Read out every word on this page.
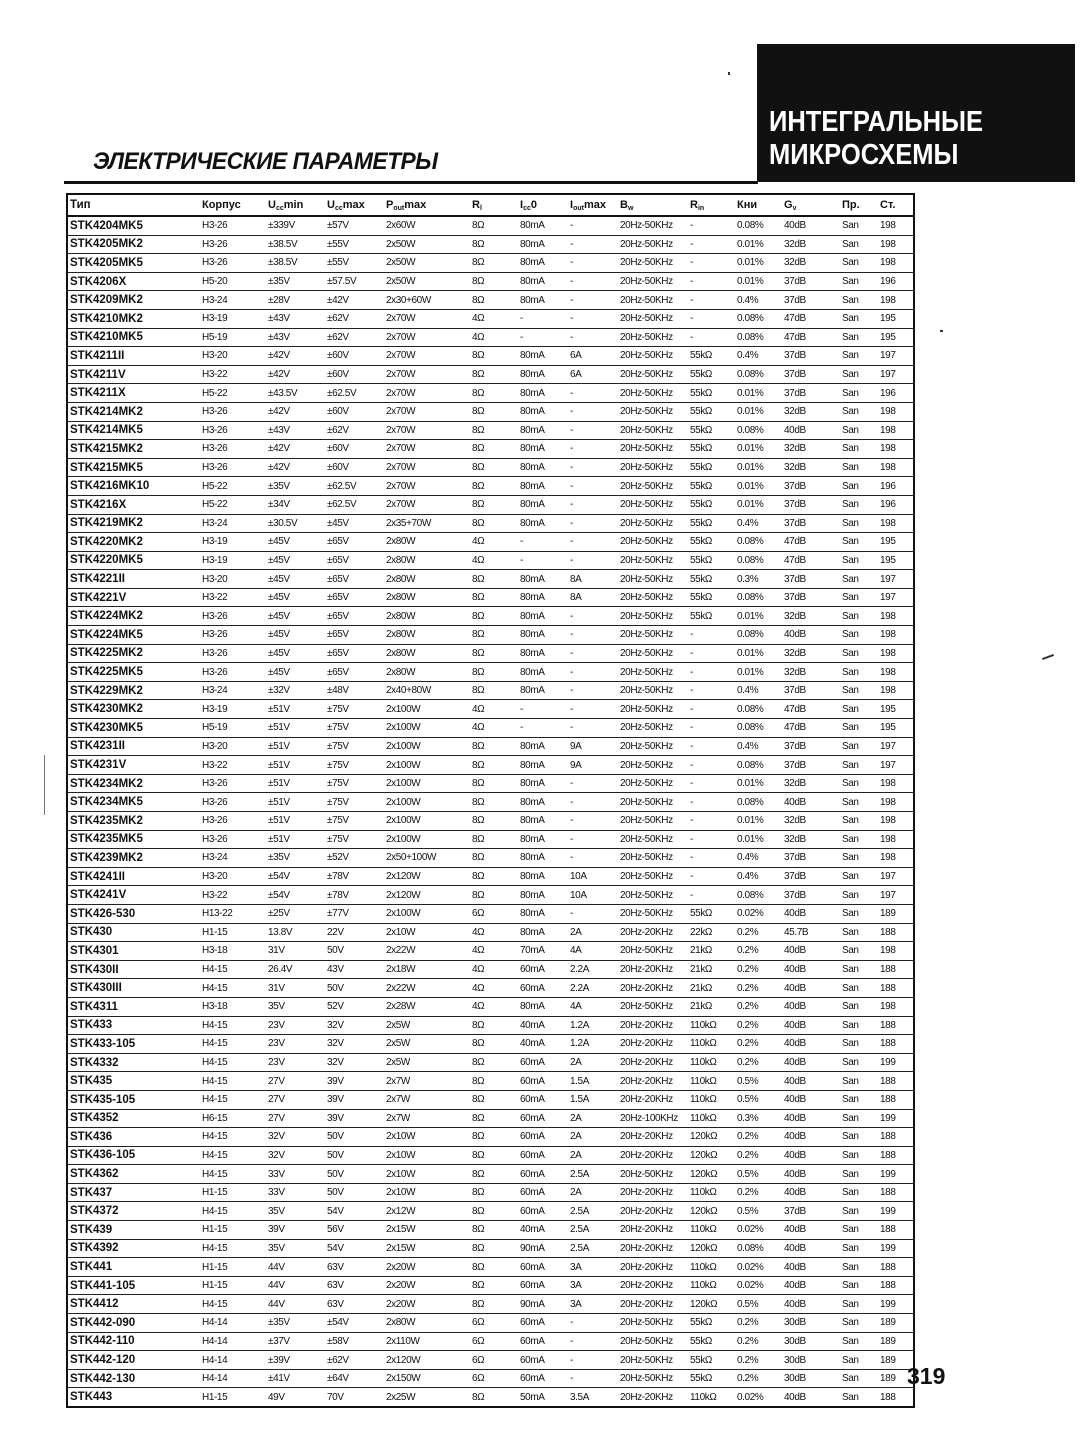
ИНТЕГРАЛЬНЫЕ
МИКРОСХЕМЫ
ЭЛЕКТРИЧЕСКИЕ ПАРАМЕТРЫ
Тип	Корпус	$U_{cc}\min$	$U_{cc}\max$	$P_{out}\max$	$R_l$	$I_{cc}0$	$I_{out}\max$	$B_w$	$R_{in}$	Кни	$G_v$	Пр.	Ст.
STK4204MK5	H3-26	±339V	±57V	2x60W	8Ω	80mA	-	20Hz-50KHz	-	0.08%	40dB	San	198
STK4205MK2	H3-26	±38.5V	±55V	2x50W	8Ω	80mA	-	20Hz-50KHz	-	0.01%	32dB	San	198
STK4205MK5	H3-26	±38.5V	±55V	2x50W	8Ω	80mA	-	20Hz-50KHz	-	0.01%	32dB	San	198
STK4206X	H5-20	±35V	±57.5V	2x50W	8Ω	80mA	-	20Hz-50KHz	-	0.01%	37dB	San	196
STK4209MK2	H3-24	±28V	±42V	2x30+60W	8Ω	80mA	-	20Hz-50KHz	-	0.4%	37dB	San	198
STK4210MK2	H3-19	±43V	±62V	2x70W	4Ω	-	-	20Hz-50KHz	-	0.08%	47dB	San	195
STK4210MK5	H5-19	±43V	±62V	2x70W	4Ω	-	-	20Hz-50KHz	-	0.08%	47dB	San	195
STK4211II	H3-20	±42V	±60V	2x70W	8Ω	80mA	6A	20Hz-50KHz	55kΩ	0.4%	37dB	San	197
STK4211V	H3-22	±42V	±60V	2x70W	8Ω	80mA	6A	20Hz-50KHz	55kΩ	0.08%	37dB	San	197
STK4211X	H5-22	±43.5V	±62.5V	2x70W	8Ω	80mA	-	20Hz-50KHz	55kΩ	0.01%	37dB	San	196
STK4214MK2	H3-26	±42V	±60V	2x70W	8Ω	80mA	-	20Hz-50KHz	55kΩ	0.01%	32dB	San	198
STK4214MK5	H3-26	±43V	±62V	2x70W	8Ω	80mA	-	20Hz-50KHz	55kΩ	0.08%	40dB	San	198
STK4215MK2	H3-26	±42V	±60V	2x70W	8Ω	80mA	-	20Hz-50KHz	55kΩ	0.01%	32dB	San	198
STK4215MK5	H3-26	±42V	±60V	2x70W	8Ω	80mA	-	20Hz-50KHz	55kΩ	0.01%	32dB	San	198
STK4216MK10	H5-22	±35V	±62.5V	2x70W	8Ω	80mA	-	20Hz-50KHz	55kΩ	0.01%	37dB	San	196
STK4216X	H5-22	±34V	±62.5V	2x70W	8Ω	80mA	-	20Hz-50KHz	55kΩ	0.01%	37dB	San	196
STK4219MK2	H3-24	±30.5V	±45V	2x35+70W	8Ω	80mA	-	20Hz-50KHz	55kΩ	0.4%	37dB	San	198
STK4220MK2	H3-19	±45V	±65V	2x80W	4Ω	-	-	20Hz-50KHz	55kΩ	0.08%	47dB	San	195
STK4220MK5	H3-19	±45V	±65V	2x80W	4Ω	-	-	20Hz-50KHz	55kΩ	0.08%	47dB	San	195
STK4221II	H3-20	±45V	±65V	2x80W	8Ω	80mA	8A	20Hz-50KHz	55kΩ	0.3%	37dB	San	197
STK4221V	H3-22	±45V	±65V	2x80W	8Ω	80mA	8A	20Hz-50KHz	55kΩ	0.08%	37dB	San	197
STK4224MK2	H3-26	±45V	±65V	2x80W	8Ω	80mA	-	20Hz-50KHz	55kΩ	0.01%	32dB	San	198
STK4224MK5	H3-26	±45V	±65V	2x80W	8Ω	80mA	-	20Hz-50KHz	-	0.08%	40dB	San	198
STK4225MK2	H3-26	±45V	±65V	2x80W	8Ω	80mA	-	20Hz-50KHz	-	0.01%	32dB	San	198
STK4225MK5	H3-26	±45V	±65V	2x80W	8Ω	80mA	-	20Hz-50KHz	-	0.01%	32dB	San	198
STK4229MK2	H3-24	±32V	±48V	2x40+80W	8Ω	80mA	-	20Hz-50KHz	-	0.4%	37dB	San	198
STK4230MK2	H3-19	±51V	±75V	2x100W	4Ω	-	-	20Hz-50KHz	-	0.08%	47dB	San	195
STK4230MK5	H5-19	±51V	±75V	2x100W	4Ω	-	-	20Hz-50KHz	-	0.08%	47dB	San	195
STK4231II	H3-20	±51V	±75V	2x100W	8Ω	80mA	9A	20Hz-50KHz	-	0.4%	37dB	San	197
STK4231V	H3-22	±51V	±75V	2x100W	8Ω	80mA	9A	20Hz-50KHz	-	0.08%	37dB	San	197
STK4234MK2	H3-26	±51V	±75V	2x100W	8Ω	80mA	-	20Hz-50KHz	-	0.01%	32dB	San	198
STK4234MK5	H3-26	±51V	±75V	2x100W	8Ω	80mA	-	20Hz-50KHz	-	0.08%	40dB	San	198
STK4235MK2	H3-26	±51V	±75V	2x100W	8Ω	80mA	-	20Hz-50KHz	-	0.01%	32dB	San	198
STK4235MK5	H3-26	±51V	±75V	2x100W	8Ω	80mA	-	20Hz-50KHz	-	0.01%	32dB	San	198
STK4239MK2	H3-24	±35V	±52V	2x50+100W	8Ω	80mA	-	20Hz-50KHz	-	0.4%	37dB	San	198
STK4241II	H3-20	±54V	±78V	2x120W	8Ω	80mA	10A	20Hz-50KHz	-	0.4%	37dB	San	197
STK4241V	H3-22	±54V	±78V	2x120W	8Ω	80mA	10A	20Hz-50KHz	-	0.08%	37dB	San	197
STK426-530	H13-22	±25V	±77V	2x100W	6Ω	80mA	-	20Hz-50KHz	55kΩ	0.02%	40dB	San	189
STK430	H1-15	13.8V	22V	2x10W	4Ω	80mA	2A	20Hz-20KHz	22kΩ	0.2%	45.7B	San	188
STK4301	H3-18	31V	50V	2x22W	4Ω	70mA	4A	20Hz-50KHz	21kΩ	0.2%	40dB	San	198
STK430II	H4-15	26.4V	43V	2x18W	4Ω	60mA	2.2A	20Hz-20KHz	21kΩ	0.2%	40dB	San	188
STK430III	H4-15	31V	50V	2x22W	4Ω	60mA	2.2A	20Hz-20KHz	21kΩ	0.2%	40dB	San	188
STK4311	H3-18	35V	52V	2x28W	4Ω	80mA	4A	20Hz-50KHz	21kΩ	0.2%	40dB	San	198
STK433	H4-15	23V	32V	2x5W	8Ω	40mA	1.2A	20Hz-20KHz	110kΩ	0.2%	40dB	San	188
STK433-105	H4-15	23V	32V	2x5W	8Ω	40mA	1.2A	20Hz-20KHz	110kΩ	0.2%	40dB	San	188
STK4332	H4-15	23V	32V	2x5W	8Ω	60mA	2A	20Hz-20KHz	110kΩ	0.2%	40dB	San	199
STK435	H4-15	27V	39V	2x7W	8Ω	60mA	1.5A	20Hz-20KHz	110kΩ	0.5%	40dB	San	188
STK435-105	H4-15	27V	39V	2x7W	8Ω	60mA	1.5A	20Hz-20KHz	110kΩ	0.5%	40dB	San	188
STK4352	H6-15	27V	39V	2x7W	8Ω	60mA	2A	20Hz-100KHz	110kΩ	0.3%	40dB	San	199
STK436	H4-15	32V	50V	2x10W	8Ω	60mA	2A	20Hz-20KHz	120kΩ	0.2%	40dB	San	188
STK436-105	H4-15	32V	50V	2x10W	8Ω	60mA	2A	20Hz-20KHz	120kΩ	0.2%	40dB	San	188
STK4362	H4-15	33V	50V	2x10W	8Ω	60mA	2.5A	20Hz-50KHz	120kΩ	0.5%	40dB	San	199
STK437	H1-15	33V	50V	2x10W	8Ω	60mA	2A	20Hz-20KHz	110kΩ	0.2%	40dB	San	188
STK4372	H4-15	35V	54V	2x12W	8Ω	60mA	2.5A	20Hz-20KHz	120kΩ	0.5%	37dB	San	199
STK439	H1-15	39V	56V	2x15W	8Ω	40mA	2.5A	20Hz-20KHz	110kΩ	0.02%	40dB	San	188
STK4392	H4-15	35V	54V	2x15W	8Ω	90mA	2.5A	20Hz-20KHz	120kΩ	0.08%	40dB	San	199
STK441	H1-15	44V	63V	2x20W	8Ω	60mA	3A	20Hz-20KHz	110kΩ	0.02%	40dB	San	188
STK441-105	H1-15	44V	63V	2x20W	8Ω	60mA	3A	20Hz-20KHz	110kΩ	0.02%	40dB	San	188
STK4412	H4-15	44V	63V	2x20W	8Ω	90mA	3A	20Hz-20KHz	120kΩ	0.5%	40dB	San	199
STK442-090	H4-14	±35V	±54V	2x80W	6Ω	60mA	-	20Hz-50KHz	55kΩ	0.2%	30dB	San	189
STK442-110	H4-14	±37V	±58V	2x110W	6Ω	60mA	-	20Hz-50KHz	55kΩ	0.2%	30dB	San	189
STK442-120	H4-14	±39V	±62V	2x120W	6Ω	60mA	-	20Hz-50KHz	55kΩ	0.2%	30dB	San	189
STK442-130	H4-14	±41V	±64V	2x150W	6Ω	60mA	-	20Hz-50KHz	55kΩ	0.2%	30dB	San	189
STK443	H1-15	49V	70V	2x25W	8Ω	50mA	3.5A	20Hz-20KHz	110kΩ	0.02%	40dB	San	188
319
